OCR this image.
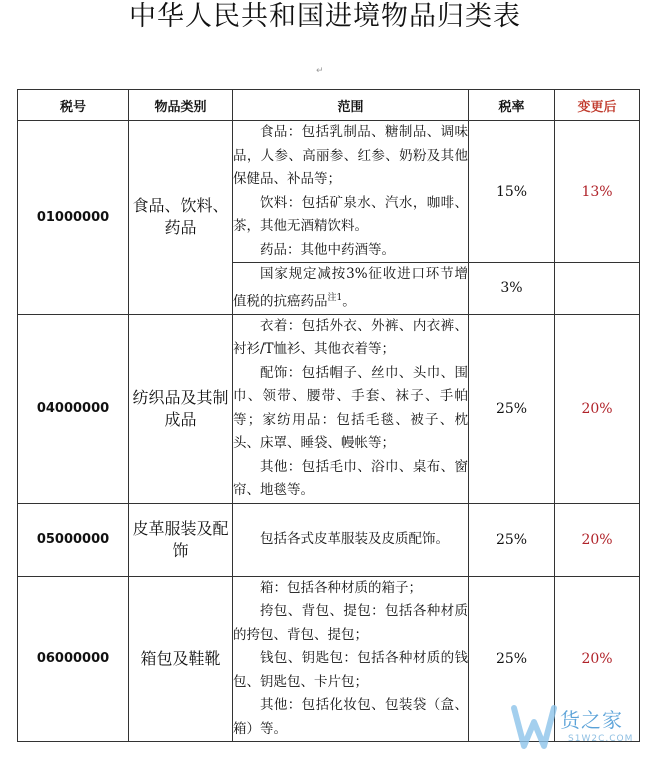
中华人民共和国进境物品归类表
↵
税号	物品类别	范围	税率	变更后
01000000	食品、饮料、药品	食品：包括乳制品、糖制品、调味品，人参、高丽参、红参、奶粉及其他保健品、补品等；

饮料：包括矿泉水、汽水，咖啡、茶，其他无酒精饮料。

药品：其他中药酒等。	15%	13%

		国家规定减按3%征收进口环节增值税的抗癌药品$^{注1}$。	3%	
04000000	纺织品及其制成品	衣着：包括外衣、外裤、内衣裤、衬衫/T恤衫、其他衣着等；

配饰：包括帽子、丝巾、头巾、围巾、领带、腰带、手套、袜子、手帕等；家纺用品：包括毛毯、被子、枕头、床罩、睡袋、幔帐等；

其他：包括毛巾、浴巾、桌布、窗帘、地毯等。	25%	20%
05000000	皮革服装及配饰	包括各式皮革服装及皮质配饰。	25%	20%
06000000	箱包及鞋靴	箱：包括各种材质的箱子；

挎包、背包、提包：包括各种材质的挎包、背包、提包；

钱包、钥匙包：包括各种材质的钱包、钥匙包、卡片包；

其他：包括化妆包、包装袋（盒、箱）等。	25%	20%
货之家
S1W2C.COM
